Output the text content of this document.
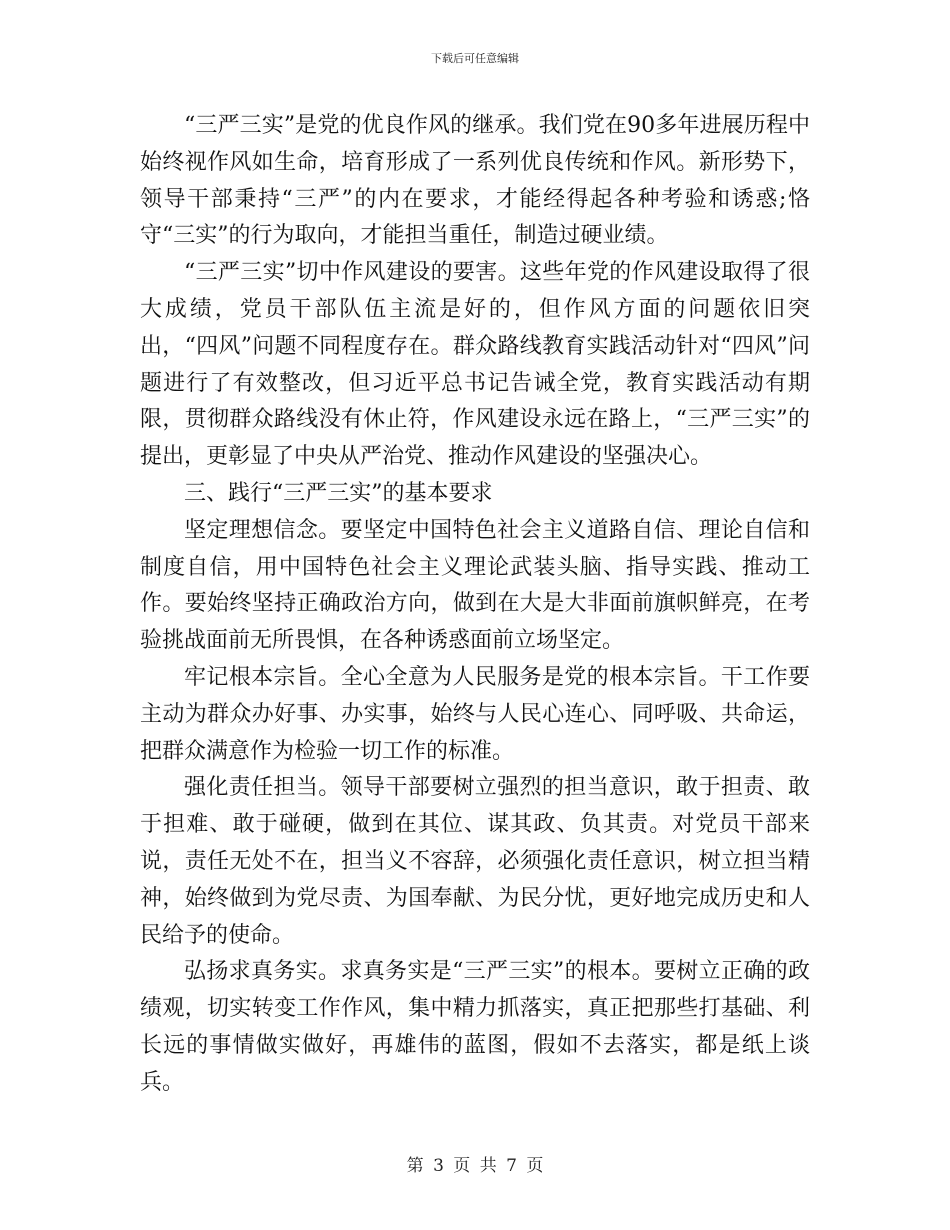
下载后可任意编辑

“三严三实”是党的优良作风的继承。我们党在90多年进展历程中始终视作风如生命，培育形成了一系列优良传统和作风。新形势下，领导干部秉持“三严”的内在要求，才能经得起各种考验和诱惑;恪守“三实”的行为取向，才能担当重任，制造过硬业绩。

“三严三实”切中作风建设的要害。这些年党的作风建设取得了很大成绩，党员干部队伍主流是好的，但作风方面的问题依旧突出，“四风”问题不同程度存在。群众路线教育实践活动针对“四风”问题进行了有效整改，但习近平总书记告诫全党，教育实践活动有期限，贯彻群众路线没有休止符，作风建设永远在路上，“三严三实”的提出，更彰显了中央从严治党、推动作风建设的坚强决心。

三、践行“三严三实”的基本要求

坚定理想信念。要坚定中国特色社会主义道路自信、理论自信和制度自信，用中国特色社会主义理论武装头脑、指导实践、推动工作。要始终坚持正确政治方向，做到在大是大非面前旗帜鲜亮，在考验挑战面前无所畏惧，在各种诱惑面前立场坚定。

牢记根本宗旨。全心全意为人民服务是党的根本宗旨。干工作要主动为群众办好事、办实事，始终与人民心连心、同呼吸、共命运，把群众满意作为检验一切工作的标准。

强化责任担当。领导干部要树立强烈的担当意识，敢于担责、敢于担难、敢于碰硬，做到在其位、谋其政、负其责。对党员干部来说，责任无处不在，担当义不容辞，必须强化责任意识，树立担当精神，始终做到为党尽责、为国奉献、为民分忧，更好地完成历史和人民给予的使命。

弘扬求真务实。求真务实是“三严三实”的根本。要树立正确的政绩观，切实转变工作作风，集中精力抓落实，真正把那些打基础、利长远的事情做实做好，再雄伟的蓝图，假如不去落实，都是纸上谈兵。

第 3 页 共 7 页
